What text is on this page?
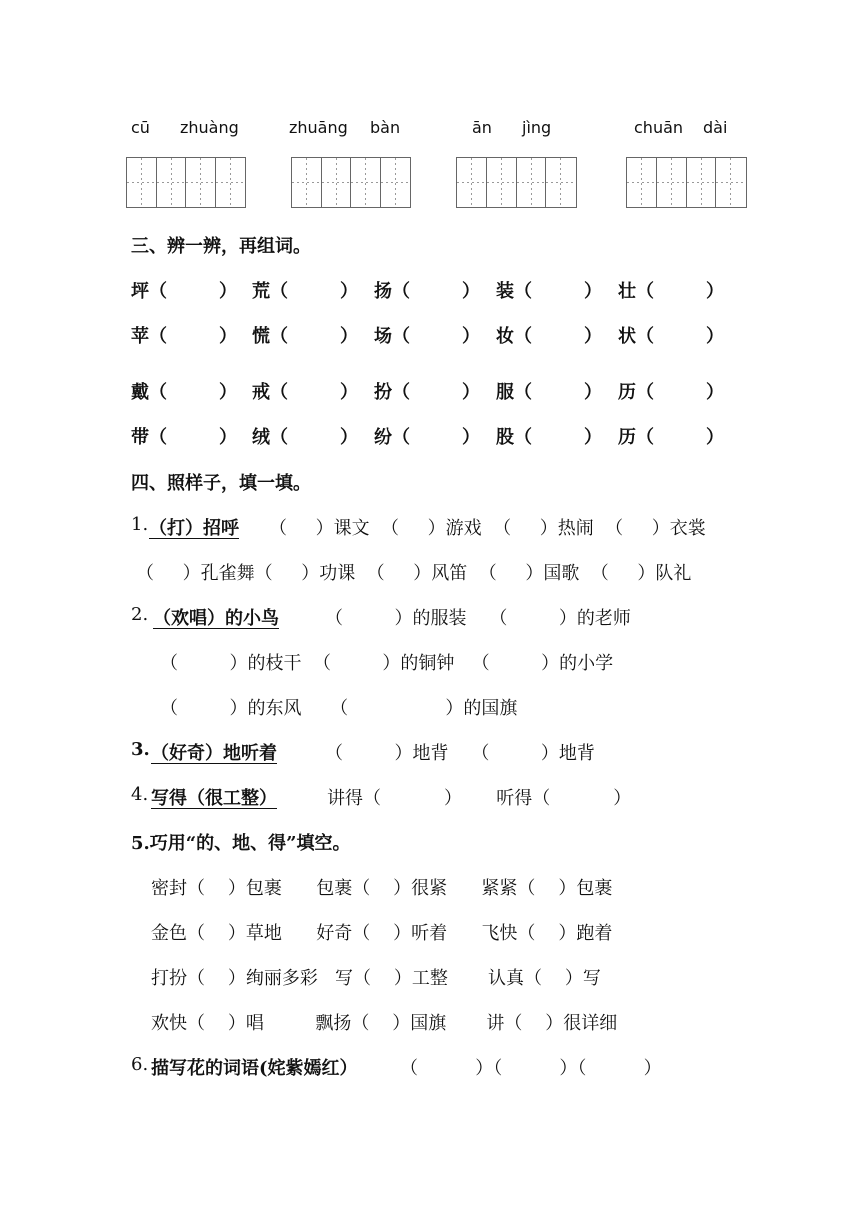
cū zhuàng	zhuāng bàn	ān jìng	chuān dài
三、辨一辨，再组词。
坪（	） 荒（	） 扬（	） 装（	） 壮（	）
苹（	） 慌（	） 场（	） 妆（	） 状（	）
戴（	） 戒（	） 扮（	） 服（	） 历（	）
带（	） 绒（	） 纷（	） 股（	） 历（	）
四、照样子，填一填。
1. （打）招呼 （     ）课文  （     ）游戏  （     ）热闹  （     ）衣裳
（     ）孔雀舞（     ）功课  （     ）风笛  （     ）国歌  （     ）队礼
2. （欢唱）的小鸟	（         ）的服装    （         ）的老师
（         ）的枝干  （         ）的铜钟   （         ）的小学
（         ）的东风     （                 ）的国旗
3. （好奇）地听着	（         ）地背    （         ）地背
4. 写得（很工整）	讲得（           ）      听得（           ）
5.巧用“的、地、得”填空。
密封（    ）包裹      包裹（    ）很紧      紧紧（    ）包裹
金色（    ）草地      好奇（    ）听着      飞快（    ）跑着
打扮（    ）绚丽多彩   写（    ）工整       认真（    ）写
欢快（    ）唱         飘扬（    ）国旗       讲（    ）很详细
6. 描写花的词语(姹紫嫣红） （          ）（          ）（          ）
